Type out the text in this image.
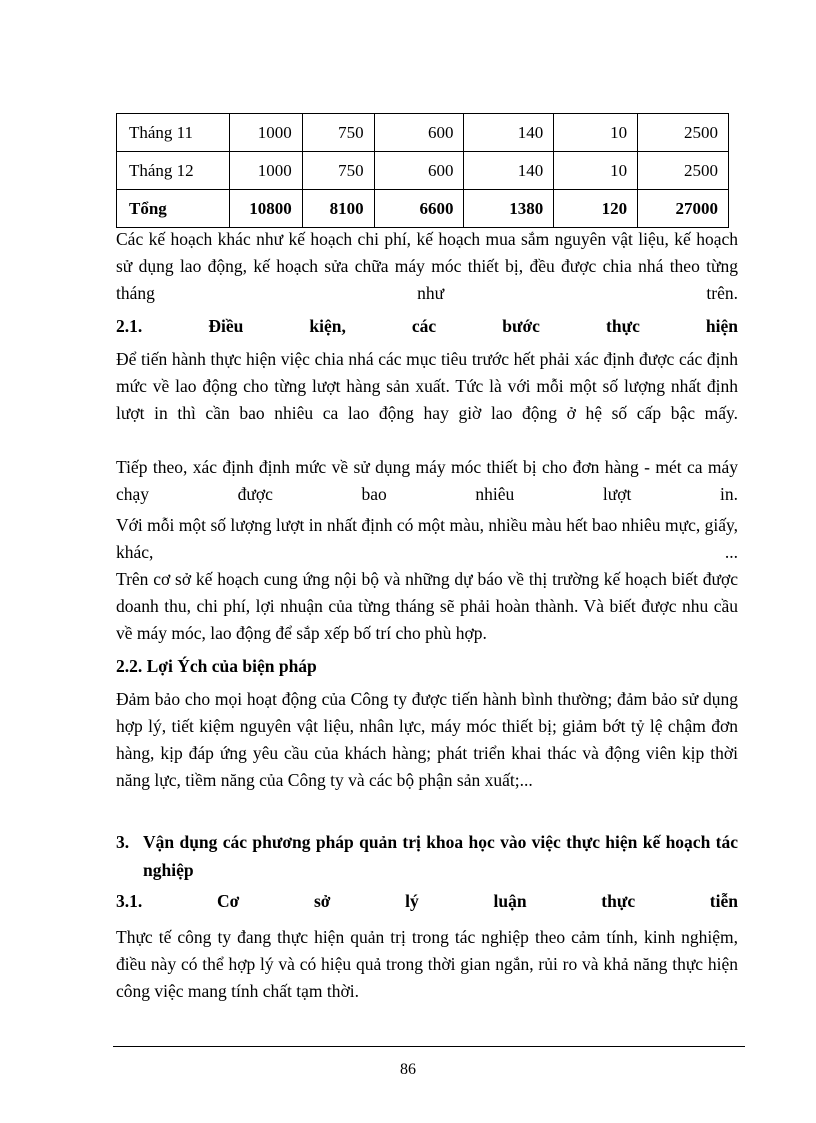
Tháng 11	1000	750	600	140	10	2500
Tháng 12	1000	750	600	140	10	2500
Tổng	10800	8100	6600	1380	120	27000

Các kế hoạch khác như kế hoạch chi phí, kế hoạch mua sắm nguyên vật liệu, kế hoạch sử dụng lao động, kế hoạch sửa chữa máy móc thiết bị, đều được chia nhá theo từng tháng như trên.

2.1. Điều kiện, các bước thực hiện

Để tiến hành thực hiện việc chia nhá các mục tiêu trước hết phải xác định được các định mức về lao động cho từng lượt hàng sản xuất. Tức là với mỗi một số lượng nhất định lượt in thì cần bao nhiêu ca lao động hay giờ lao động ở hệ số cấp bậc mấy.

Tiếp theo, xác định định mức về sử dụng máy móc thiết bị cho đơn hàng - mét ca máy chạy được bao nhiêu lượt in.

Với mỗi một số lượng lượt in nhất định có một màu, nhiều màu hết bao nhiêu mực, giấy, khác, ...

Trên cơ sở kế hoạch cung ứng nội bộ và những dự báo về thị trường kế hoạch biết được doanh thu, chi phí, lợi nhuận của từng tháng sẽ phải hoàn thành. Và biết được nhu cầu về máy móc, lao động để sắp xếp bố trí cho phù hợp.

2.2. Lợi Ých của biện pháp

Đảm bảo cho mọi hoạt động của Công ty được tiến hành bình thường; đảm bảo sử dụng hợp lý, tiết kiệm nguyên vật liệu, nhân lực, máy móc thiết bị; giảm bớt tỷ lệ chậm đơn hàng, kịp đáp ứng yêu cầu của khách hàng; phát triển khai thác và động viên kịp thời năng lực, tiềm năng của Công ty và các bộ phận sản xuất;...

3. Vận dụng các phương pháp quản trị khoa học vào việc thực hiện kế hoạch tác nghiệp

3.1. Cơ sở lý luận thực tiễn

Thực tế công ty đang thực hiện quản trị trong tác nghiệp theo cảm tính, kinh nghiệm, điều này có thể hợp lý và có hiệu quả trong thời gian ngắn, rủi ro và khả năng thực hiện công việc mang tính chất tạm thời.

86
